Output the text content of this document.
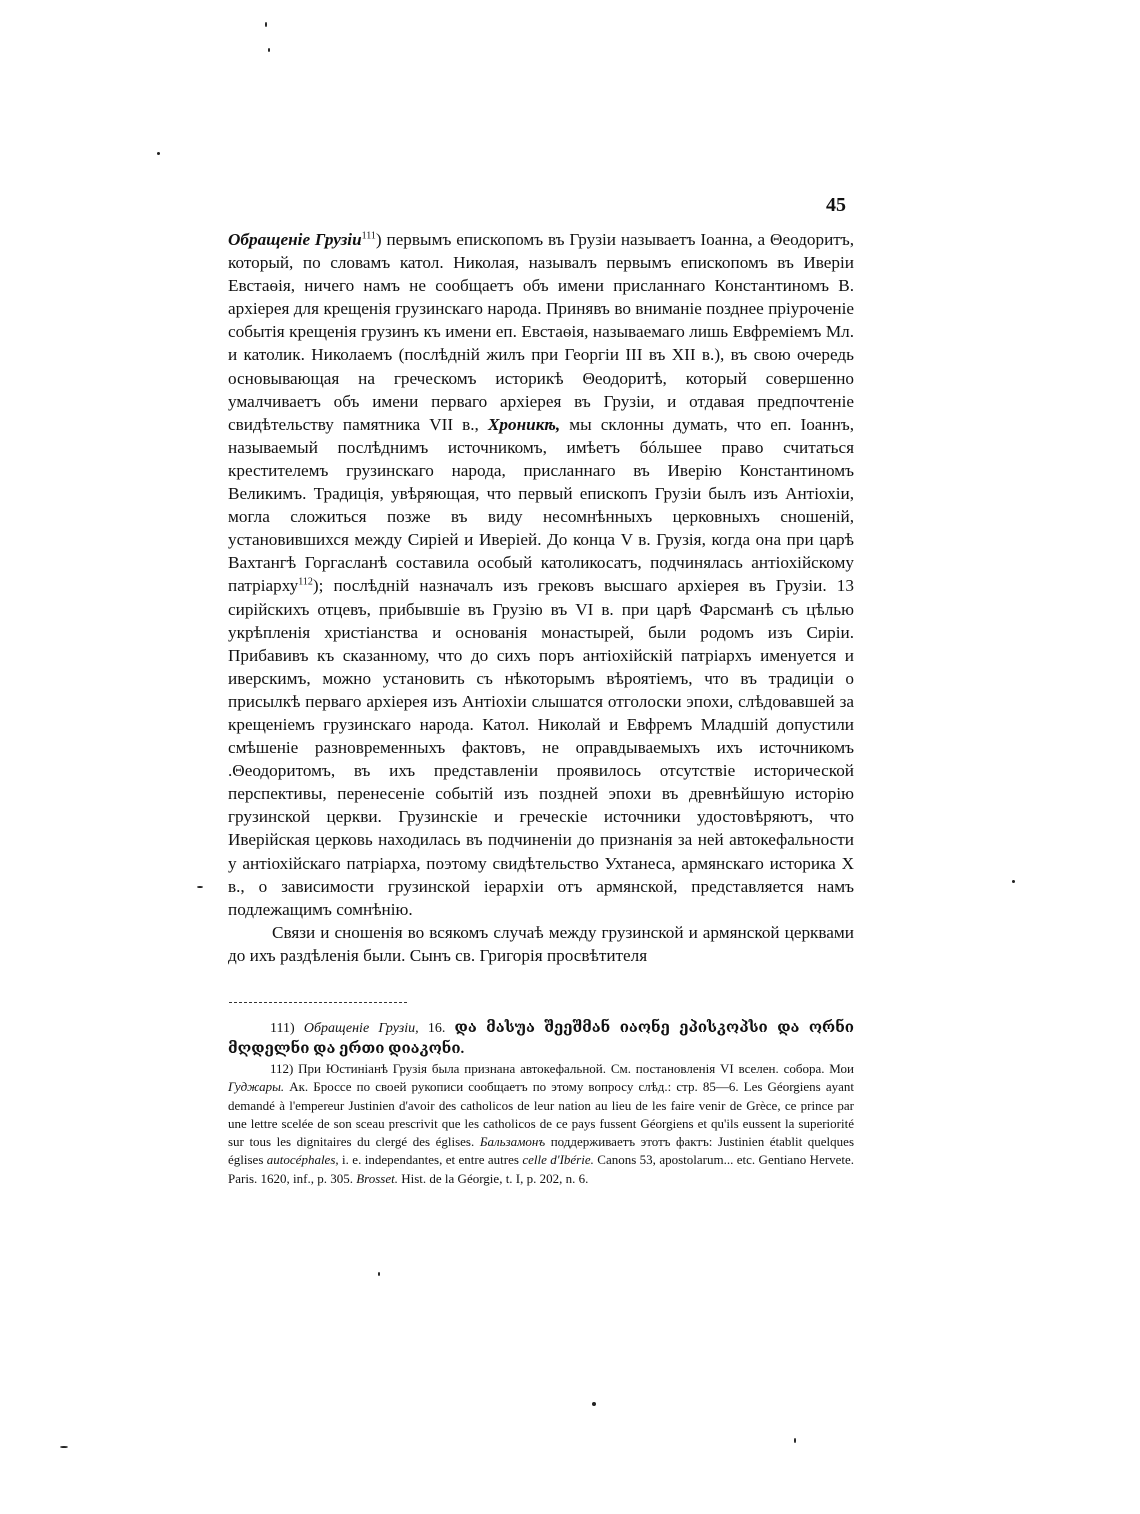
45

Обращеніе Грузіи$^{111}$) первымъ епископомъ въ Грузіи называетъ Іоанна, а Θеодоритъ, который, по словамъ катол. Николая, называлъ первымъ епископомъ въ Иверіи Евстаѳія, ничего намъ не сообщаетъ объ имени присланнаго Константиномъ В. архіерея для крещенія грузинскаго народа. Принявъ во вниманіе позднее пріуроченіе событія крещенія грузинъ къ имени еп. Евстаѳія, называемаго лишь Евфреміемъ Мл. и католик. Николаемъ (послѣдній жилъ при Георгіи III въ XII в.), въ свою очередь основывающая на греческомъ историкѣ Θеодоритѣ, который совершенно умалчиваетъ объ имени перваго архіерея въ Грузіи, и отдавая предпочтеніе свидѣтельству памятника VII в., Хроникѣ, мы склонны думать, что еп. Іоаннъ, называемый послѣднимъ источникомъ, имѣетъ бóльшее право считаться крестителемъ грузинскаго народа, присланнаго въ Иверію Константиномъ Великимъ. Традиція, увѣряющая, что первый епископъ Грузіи былъ изъ Антіохіи, могла сложиться позже въ виду несомнѣнныхъ церковныхъ сношеній, установившихся между Сиріей и Иверіей. До конца V в. Грузія, когда она при царѣ Вахтангѣ Горгасланѣ составила особый католикосатъ, подчинялась антіохійскому патріарху$^{112}$); послѣдній назначалъ изъ грековъ высшаго архіерея въ Грузіи. 13 сирійскихъ отцевъ, прибывшіе въ Грузію въ VI в. при царѣ Фарсманѣ съ цѣлью укрѣпленія христіанства и основанія монастырей, были родомъ изъ Сиріи. Прибавивъ къ сказанному, что до сихъ поръ антіохійскій патріархъ именуется и иверскимъ, можно установить съ нѣкоторымъ вѣроятіемъ, что въ традиціи о присылкѣ перваго архіерея изъ Антіохіи слышатся отголоски эпохи, слѣдовавшей за крещеніемъ грузинскаго народа. Катол. Николай и Евфремъ Младшій допустили смѣшеніе разновременныхъ фактовъ, не оправдываемыхъ ихъ источникомъ .Θеодоритомъ, въ ихъ представленіи проявилось отсутствіе исторической перспективы, перенесеніе событій изъ поздней эпохи въ древнѣйшую исторію грузинской церкви. Грузинскіе и греческіе источники удостовѣряютъ, что Иверійская церковь находилась въ подчиненіи до признанія за ней автокефальности у антіохійскаго патріарха, поэтому свидѣтельство Ухтанеса, армянскаго историка X в., о зависимости грузинской іерархіи отъ армянской, представляется намъ подлежащимъ сомнѣнію.

Связи и сношенія во всякомъ случаѣ между грузинской и армянской церквами до ихъ раздѣленія были. Сынъ св. Григорія просвѣтителя

111) Обращеніе Грузіи, 16. და მასუა შეეშმან იაონე ეპისკოპსი და ორნი მღდელნი და ერთი დიაკონი.

112) При Юстиніанѣ Грузія была признана автокефальной. См. постановленія VI вселен. собора. Мои Гуджары. Ак. Броссе по своей рукописи сообщаетъ по этому вопросу слѣд.: стр. 85—6. Les Géorgiens ayant demandé à l'empereur Justinien d'avoir des catholicos de leur nation au lieu de les faire venir de Grèce, ce prince par une lettre scelée de son sceau prescrivit que les catholicos de ce pays fussent Géorgiens et qu'ils eussent la superiorité sur tous les dignitaires du clergé des églises. Бальзамонъ поддерживаетъ этотъ фактъ: Justinien établit quelques églises autocéphales, i. e. independantes, et entre autres celle d'Ibérie. Canons 53, apostolarum... etc. Gentiano Hervete. Paris. 1620, inf., p. 305. Brosset. Hist. de la Géorgie, t. I, p. 202, n. 6.
